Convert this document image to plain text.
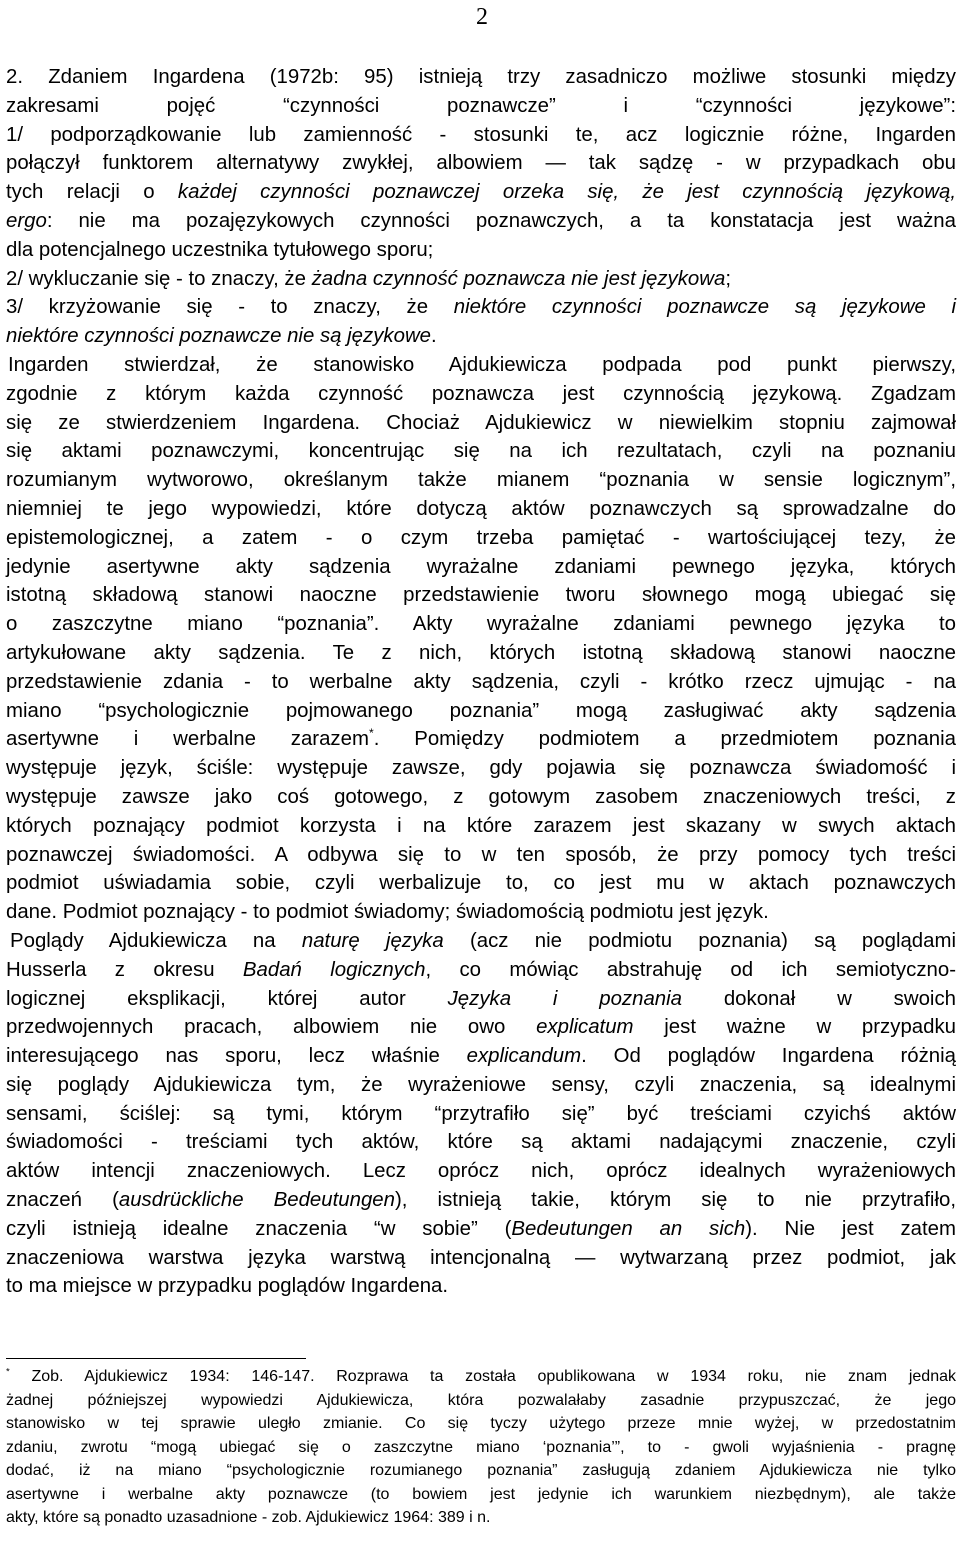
2
2. Zdaniem Ingardena (1972b: 95) istnieją trzy zasadniczo możliwe stosunki między
zakresami pojęć “czynności poznawcze” i “czynności językowe”:
1/ podporządkowanie lub zamienność - stosunki te, acz logicznie różne, Ingarden
połączył funktorem alternatywy zwykłej, albowiem — tak sądzę - w przypadkach obu
tych relacji o każdej czynności poznawczej orzeka się, że jest czynnością językową,
ergo: nie ma pozajęzykowych czynności poznawczych, a ta konstatacja jest ważna
dla potencjalnego uczestnika tytułowego sporu;
2/ wykluczanie się - to znaczy, że żadna czynność poznawcza nie jest językowa;
3/ krzyżowanie się - to znaczy, że niektóre czynności poznawcze są językowe i
niektóre czynności poznawcze nie są językowe.
Ingarden stwierdzał, że stanowisko Ajdukiewicza podpada pod punkt pierwszy,
zgodnie z którym każda czynność poznawcza jest czynnością językową. Zgadzam
się ze stwierdzeniem Ingardena. Chociaż Ajdukiewicz w niewielkim stopniu zajmował
się aktami poznawczymi, koncentrując się na ich rezultatach, czyli na poznaniu
rozumianym wytworowo, określanym także mianem “poznania w sensie logicznym”,
niemniej te jego wypowiedzi, które dotyczą aktów poznawczych są sprowadzalne do
epistemologicznej, a zatem - o czym trzeba pamiętać - wartościującej tezy, że
jedynie asertywne akty sądzenia wyrażalne zdaniami pewnego języka, których
istotną składową stanowi naoczne przedstawienie tworu słownego mogą ubiegać się
o zaszczytne miano “poznania”. Akty wyrażalne zdaniami pewnego języka to
artykułowane akty sądzenia. Te z nich, których istotną składową stanowi naoczne
przedstawienie zdania - to werbalne akty sądzenia, czyli - krótko rzecz ujmując - na
miano “psychologicznie pojmowanego poznania” mogą zasługiwać akty sądzenia
asertywne i werbalne zarazem*. Pomiędzy podmiotem a przedmiotem poznania
występuje język, ściśle: występuje zawsze, gdy pojawia się poznawcza świadomość i
występuje zawsze jako coś gotowego, z gotowym zasobem znaczeniowych treści, z
których poznający podmiot korzysta i na które zarazem jest skazany w swych aktach
poznawczej świadomości. A odbywa się to w ten sposób, że przy pomocy tych treści
podmiot uświadamia sobie, czyli werbalizuje to, co jest mu w aktach poznawczych
dane. Podmiot poznający - to podmiot świadomy; świadomością podmiotu jest język.
Poglądy Ajdukiewicza na naturę języka (acz nie podmiotu poznania) są poglądami
Husserla z okresu Badań logicznych, co mówiąc abstrahuję od ich semiotyczno-
logicznej eksplikacji, której autor Języka i poznania dokonał w swoich
przedwojennych pracach, albowiem nie owo explicatum jest ważne w przypadku
interesującego nas sporu, lecz właśnie explicandum. Od poglądów Ingardena różnią
się poglądy Ajdukiewicza tym, że wyrażeniowe sensy, czyli znaczenia, są idealnymi
sensami, ściślej: są tymi, którym “przytrafiło się” być treściami czyichś aktów
świadomości - treściami tych aktów, które są aktami nadającymi znaczenie, czyli
aktów intencji znaczeniowych. Lecz oprócz nich, oprócz idealnych wyrażeniowych
znaczeń (ausdrückliche Bedeutungen), istnieją takie, którym się to nie przytrafiło,
czyli istnieją idealne znaczenia “w sobie” (Bedeutungen an sich). Nie jest zatem
znaczeniowa warstwa języka warstwą intencjonalną — wytwarzaną przez podmiot, jak
to ma miejsce w przypadku poglądów Ingardena.
* Zob. Ajdukiewicz 1934: 146-147. Rozprawa ta została opublikowana w 1934 roku, nie znam jednak
żadnej późniejszej wypowiedzi Ajdukiewicza, która pozwalałaby zasadnie przypuszczać, że jego
stanowisko w tej sprawie uległo zmianie. Co się tyczy użytego przeze mnie wyżej, w przedostatnim
zdaniu, zwrotu “mogą ubiegać się o zaszczytne miano ‘poznania’”, to - gwoli wyjaśnienia - pragnę
dodać, iż na miano “psychologicznie rozumianego poznania” zasługują zdaniem Ajdukiewicza nie tylko
asertywne i werbalne akty poznawcze (to bowiem jest jedynie ich warunkiem niezbędnym), ale także
akty, które są ponadto uzasadnione - zob. Ajdukiewicz 1964: 389 i n.
